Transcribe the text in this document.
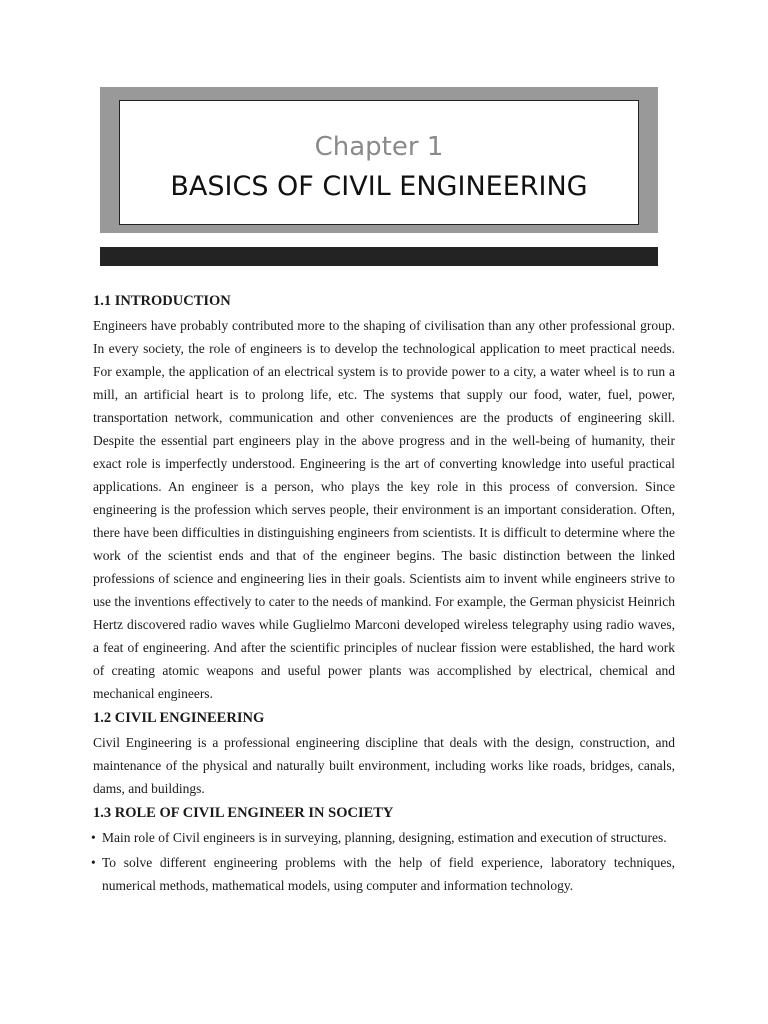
Chapter 1
BASICS OF CIVIL ENGINEERING
1.1 INTRODUCTION

Engineers have probably contributed more to the shaping of civilisation than any other professional group. In every society, the role of engineers is to develop the technological application to meet practical needs. For example, the application of an electrical system is to provide power to a city, a water wheel is to run a mill, an artificial heart is to prolong life, etc. The systems that supply our food, water, fuel, power, transportation network, communication and other conveniences are the products of engineering skill. Despite the essential part engineers play in the above progress and in the well-being of humanity, their exact role is imperfectly understood. Engineering is the art of converting knowledge into useful practical applications. An engineer is a person, who plays the key role in this process of conversion. Since engineering is the profession which serves people, their environment is an important consideration. Often, there have been difficulties in distinguishing engineers from scientists. It is difficult to determine where the work of the scientist ends and that of the engineer begins. The basic distinction between the linked professions of science and engineering lies in their goals. Scientists aim to invent while engineers strive to use the inventions effectively to cater to the needs of mankind. For example, the German physicist Heinrich Hertz discovered radio waves while Guglielmo Marconi developed wireless telegraphy using radio waves, a feat of engineering. And after the scientific principles of nuclear fission were established, the hard work of creating atomic weapons and useful power plants was accomplished by electrical, chemical and mechanical engineers.

1.2 CIVIL ENGINEERING

Civil Engineering is a professional engineering discipline that deals with the design, construction, and maintenance of the physical and naturally built environment, including works like roads, bridges, canals, dams, and buildings.

1.3 ROLE OF CIVIL ENGINEER IN SOCIETY
• Main role of Civil engineers is in surveying, planning, designing, estimation and execution of structures.
• To solve different engineering problems with the help of field experience, laboratory techniques, numerical methods, mathematical models, using computer and information technology.
